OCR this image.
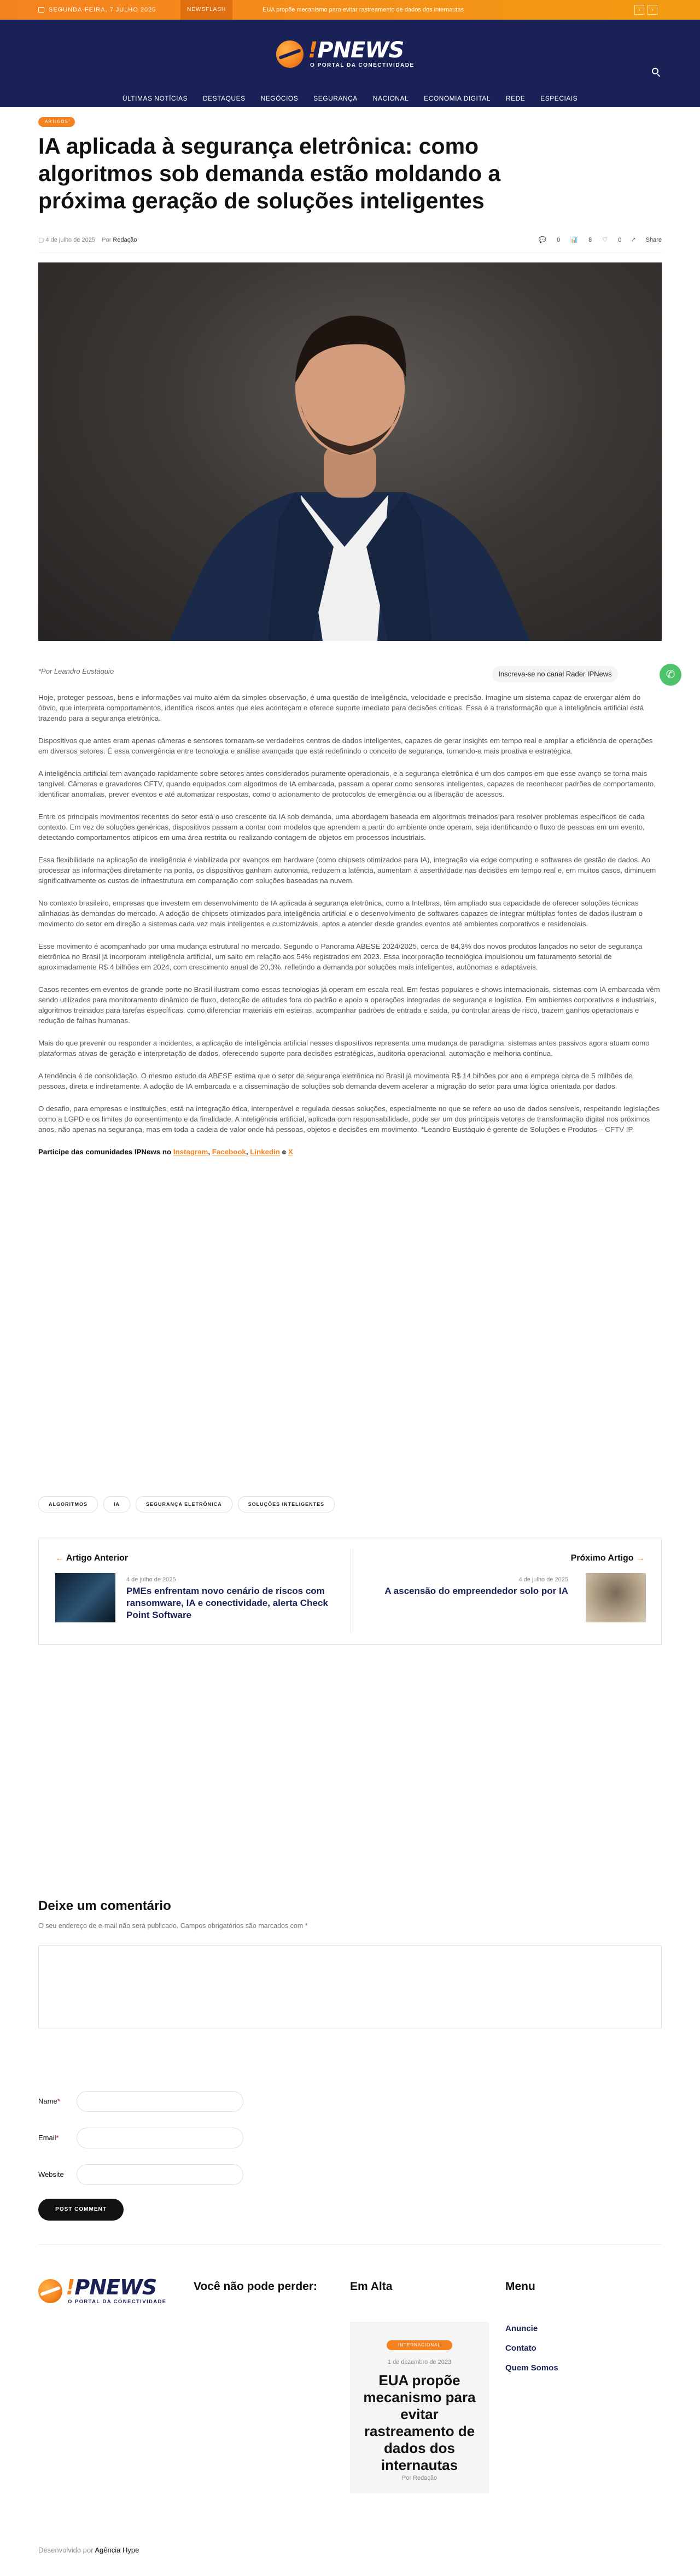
SEGUNDA-FEIRA, 7 JULHO 2025	NEWSFLASH	EUA propõe mecanismo para evitar rastreamento de dados dos internautas	‹	›
!PNEWS
O PORTAL DA CONECTIVIDADE
ÚLTIMAS NOTÍCIAS DESTAQUES NEGÓCIOS SEGURANÇA NACIONAL ECONOMIA DIGITAL REDE ESPECIAIS
ARTIGOS
IA aplicada à segurança eletrônica: como algoritmos sob demanda estão moldando a próxima geração de soluções inteligentes
▢ 4 de julho de 2025 Por Redação	💬 0 📊 8 ♡ 0 ⤤ Share
*Por Leandro Eustáquio	Inscreva-se no canal Rader IPNews
✆

Hoje, proteger pessoas, bens e informações vai muito além da simples observação, é uma questão de inteligência, velocidade e precisão. Imagine um sistema capaz de enxergar além do óbvio, que interpreta comportamentos, identifica riscos antes que eles aconteçam e oferece suporte imediato para decisões críticas. Essa é a transformação que a inteligência artificial está trazendo para a segurança eletrônica.

Dispositivos que antes eram apenas câmeras e sensores tornaram-se verdadeiros centros de dados inteligentes, capazes de gerar insights em tempo real e ampliar a eficiência de operações em diversos setores. É essa convergência entre tecnologia e análise avançada que está redefinindo o conceito de segurança, tornando-a mais proativa e estratégica.

A inteligência artificial tem avançado rapidamente sobre setores antes considerados puramente operacionais, e a segurança eletrônica é um dos campos em que esse avanço se torna mais tangível. Câmeras e gravadores CFTV, quando equipados com algoritmos de IA embarcada, passam a operar como sensores inteligentes, capazes de reconhecer padrões de comportamento, identificar anomalias, prever eventos e até automatizar respostas, como o acionamento de protocolos de emergência ou a liberação de acessos.

Entre os principais movimentos recentes do setor está o uso crescente da IA sob demanda, uma abordagem baseada em algoritmos treinados para resolver problemas específicos de cada contexto. Em vez de soluções genéricas, dispositivos passam a contar com modelos que aprendem a partir do ambiente onde operam, seja identificando o fluxo de pessoas em um evento, detectando comportamentos atípicos em uma área restrita ou realizando contagem de objetos em processos industriais.

Essa flexibilidade na aplicação de inteligência é viabilizada por avanços em hardware (como chipsets otimizados para IA), integração via edge computing e softwares de gestão de dados. Ao processar as informações diretamente na ponta, os dispositivos ganham autonomia, reduzem a latência, aumentam a assertividade nas decisões em tempo real e, em muitos casos, diminuem significativamente os custos de infraestrutura em comparação com soluções baseadas na nuvem.

No contexto brasileiro, empresas que investem em desenvolvimento de IA aplicada à segurança eletrônica, como a Intelbras, têm ampliado sua capacidade de oferecer soluções técnicas alinhadas às demandas do mercado. A adoção de chipsets otimizados para inteligência artificial e o desenvolvimento de softwares capazes de integrar múltiplas fontes de dados ilustram o movimento do setor em direção a sistemas cada vez mais inteligentes e customizáveis, aptos a atender desde grandes eventos até ambientes corporativos e residenciais.

Esse movimento é acompanhado por uma mudança estrutural no mercado. Segundo o Panorama ABESE 2024/2025, cerca de 84,3% dos novos produtos lançados no setor de segurança eletrônica no Brasil já incorporam inteligência artificial, um salto em relação aos 54% registrados em 2023. Essa incorporação tecnológica impulsionou um faturamento setorial de aproximadamente R$ 4 bilhões em 2024, com crescimento anual de 20,3%, refletindo a demanda por soluções mais inteligentes, autônomas e adaptáveis.

Casos recentes em eventos de grande porte no Brasil ilustram como essas tecnologias já operam em escala real. Em festas populares e shows internacionais, sistemas com IA embarcada vêm sendo utilizados para monitoramento dinâmico de fluxo, detecção de atitudes fora do padrão e apoio a operações integradas de segurança e logística. Em ambientes corporativos e industriais, algoritmos treinados para tarefas específicas, como diferenciar materiais em esteiras, acompanhar padrões de entrada e saída, ou controlar áreas de risco, trazem ganhos operacionais e redução de falhas humanas.

Mais do que prevenir ou responder a incidentes, a aplicação de inteligência artificial nesses dispositivos representa uma mudança de paradigma: sistemas antes passivos agora atuam como plataformas ativas de geração e interpretação de dados, oferecendo suporte para decisões estratégicas, auditoria operacional, automação e melhoria contínua.

A tendência é de consolidação. O mesmo estudo da ABESE estima que o setor de segurança eletrônica no Brasil já movimenta R$ 14 bilhões por ano e emprega cerca de 5 milhões de pessoas, direta e indiretamente. A adoção de IA embarcada e a disseminação de soluções sob demanda devem acelerar a migração do setor para uma lógica orientada por dados.

O desafio, para empresas e instituições, está na integração ética, interoperável e regulada dessas soluções, especialmente no que se refere ao uso de dados sensíveis, respeitando legislações como a LGPD e os limites do consentimento e da finalidade. A inteligência artificial, aplicada com responsabilidade, pode ser um dos principais vetores de transformação digital nos próximos anos, não apenas na segurança, mas em toda a cadeia de valor onde há pessoas, objetos e decisões em movimento. *Leandro Eustáquio é gerente de Soluções e Produtos – CFTV IP.

Participe das comunidades IPNews no Instagram, Facebook, Linkedin e X

ALGORITMOS	IA	SEGURANÇA ELETRÔNICA	SOLUÇÕES INTELIGENTES
← Artigo Anterior
4 de julho de 2025
PMEs enfrentam novo cenário de riscos com ransomware, IA e conectividade, alerta Check Point Software
Próximo Artigo →
4 de julho de 2025
A ascensão do empreendedor solo por IA
Deixe um comentário
O seu endereço de e-mail não será publicado. Campos obrigatórios são marcados com *
Name*
Email*
Website
POST COMMENT
!PNEWS
O PORTAL DA CONECTIVIDADE
Você não pode perder:	Em Alta	Menu
INTERNACIONAL
1 de dezembro de 2023
EUA propõe mecanismo para evitar rastreamento de dados dos internautas
Por Redação
Anuncie
Contato
Quem Somos
Desenvolvido por Agência Hype
